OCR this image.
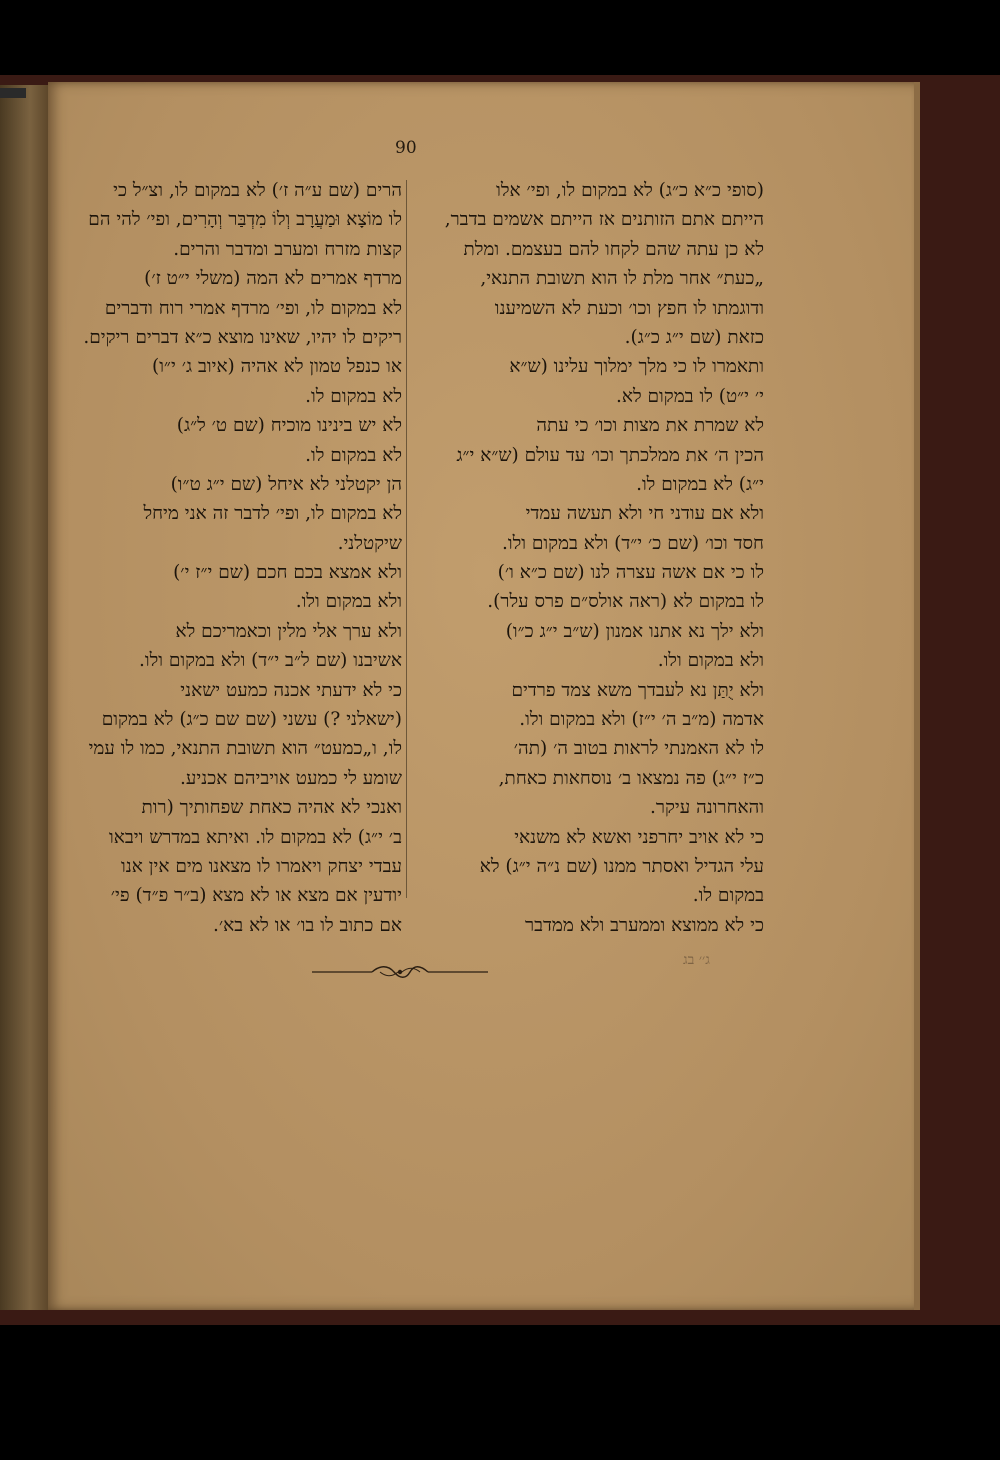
90
(סופי כ״א כ״ג) לא במקום לו, ופי׳ אלו
הייתם אתם הזותנים אז הייתם אשמים בדבר,
לא כן עתה שהם לקחו להם בעצמם. ומלת
„כעת״ אחר מלת לו הוא תשובת התנאי,
ודוגמתו לו חפץ וכו׳ וכעת לא השמיענו
כזאת (שם י״ג כ״ג).
ותאמרו לו כי מלך ימלוך עלינו (ש״א
י׳ י״ט) לו במקום לא.
לא שמרת את מצות וכו׳ כי עתה
הכין ה׳ את ממלכתך וכו׳ עד עולם (ש״א י״ג
י״ג) לא במקום לו.
ולא אם עודני חי ולא תעשה עמדי
חסד וכו׳ (שם כ׳ י״ד) ולא במקום ולו.
לו כי אם אשה עצרה לנו (שם כ״א ו׳)
לו במקום לא (ראה אולס״ם פרס עלר).
ולא ילך נא אתנו אמנון (ש״ב י״ג כ״ו)
ולא במקום ולו.
ולא יֻתַּן נא לעבדך משא צמד פרדים
אדמה (מ״ב ה׳ י״ז) ולא במקום ולו.
לו לא האמנתי לראות בטוב ה׳ (תה׳
כ״ז י״ג) פה נמצאו ב׳ נוסחאות כאחת,
והאחרונה עיקר.
כי לא אויב יחרפני ואשא לא משנאי
עלי הגדיל ואסתר ממנו (שם נ״ה י״ג) לא
במקום לו.
כי לא ממוצא וממערב ולא ממדבר
הרים (שם ע״ה ז׳) לא במקום לו, וצ״ל כי
לו מוֹצָא וּמַעֲרָב וְלוֹ מִדְבַּר וְהָרִים, ופי׳ להי הם
קצות מזרח ומערב ומדבר והרים.
מרדף אמרים לא המה (משלי י״ט ז׳)
לא במקום לו, ופי׳ מרדף אמרי רוח ודברים
ריקים לו יהיו, שאינו מוצא כ״א דברים ריקים.
או כנפל טמון לא אהיה (איוב ג׳ י״ו)
לא במקום לו.
לא יש בינינו מוכיח (שם ט׳ ל״ג)
לא במקום לו.
הן יקטלני לא איחל (שם י״ג ט״ו)
לא במקום לו, ופי׳ לדבר זה אני מיחל
שיקטלני.
ולא אמצא בכם חכם (שם י״ז י׳)
ולא במקום ולו.
ולא ערך אלי מלין וכאמריכם לא
אשיבנו (שם ל״ב י״ד) ולא במקום ולו.
כי לא ידעתי אכנה כמעט ישאני
(ישאלני ?) עשני (שם שם כ״ג) לא במקום
לו, ו„כמעט״ הוא תשובת התנאי, כמו לו עמי
שומע לי כמעט אויביהם אכניע.
ואנכי לא אהיה כאחת שפחותיך (רות
ב׳ י״ג) לא במקום לו. ואיתא במדרש ויבאו
עבדי יצחק ויאמרו לו מצאנו מים אין אנו
יודעין אם מצא או לא מצא (ב״ר פ״ד) פי׳
אם כתוב לו בו׳ או לא בא׳.
ג׳׳ בג
